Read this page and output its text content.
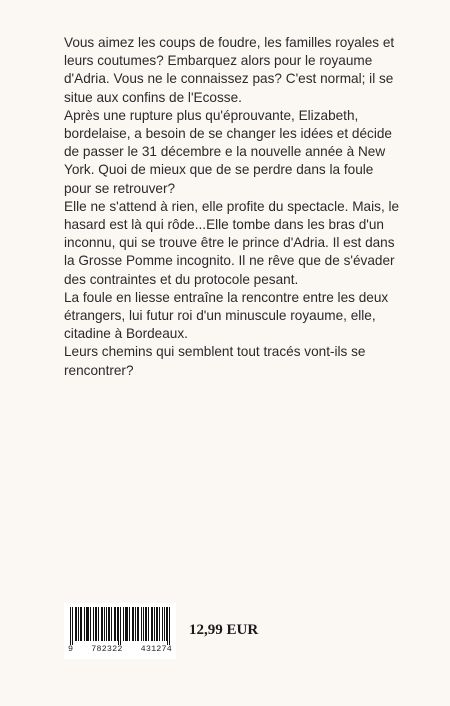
Vous aimez les coups de foudre, les familles royales et leurs coutumes? Embarquez alors pour le royaume d'Adria. Vous ne le connaissez pas? C'est normal; il se situe aux confins de l'Ecosse.

Après une rupture plus qu'éprouvante, Elizabeth, bordelaise, a besoin de se changer les idées et décide de passer le 31 décembre e la nouvelle année à New York. Quoi de mieux que de se perdre dans la foule pour se retrouver?

Elle ne s'attend à rien, elle profite du spectacle. Mais, le hasard est là qui rôde...Elle tombe dans les bras d'un inconnu, qui se trouve être le prince d'Adria. Il est dans la Grosse Pomme incognito. Il ne rêve que de s'évader des contraintes et du protocole pesant.

La foule en liesse entraîne la rencontre entre les deux étrangers, lui futur roi d'un minuscule royaume, elle, citadine à Bordeaux.

Leurs chemins qui semblent tout tracés vont-ils se rencontrer?

9 782322 431274
12,99 EUR
